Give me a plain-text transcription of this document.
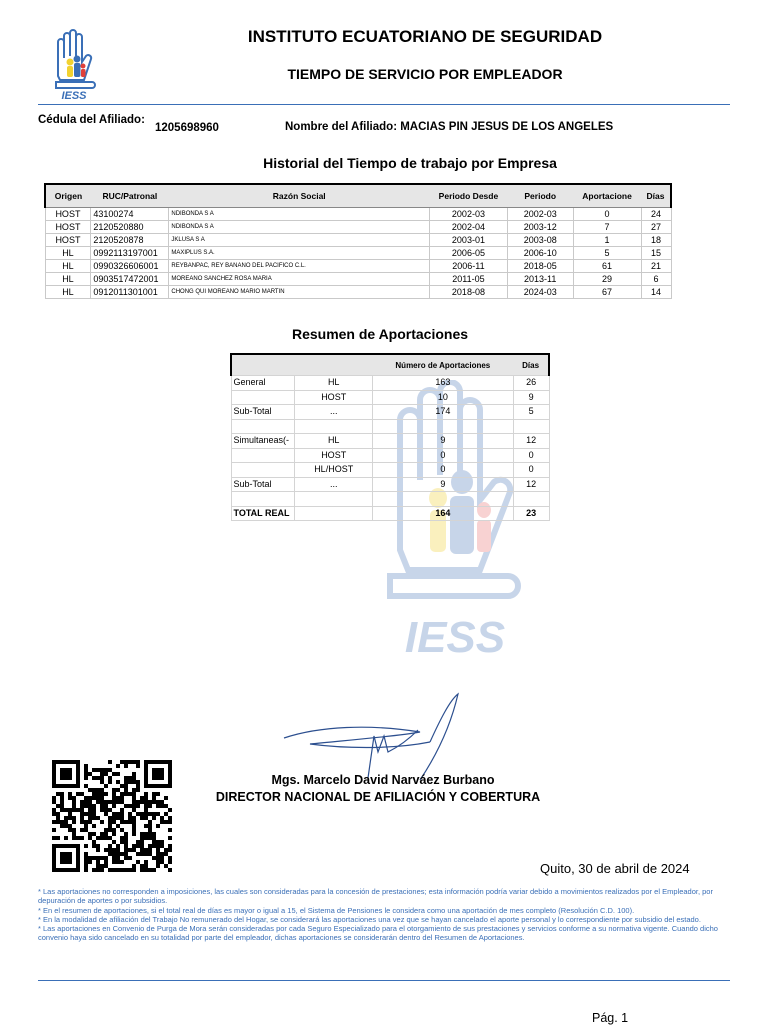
IESS
INSTITUTO ECUATORIANO DE SEGURIDAD
TIEMPO DE SERVICIO POR EMPLEADOR
Cédula del Afiliado:
1205698960	Nombre del Afiliado: MACIAS PIN JESUS DE LOS ANGELES
Historial del Tiempo de trabajo por Empresa
Origen	RUC/Patronal	Razón Social	Periodo Desde	Periodo	Aportacione	Días
HOST	43100274	NDIBONDA S A	2002-03	2002-03	0	24
HOST	2120520880	NDIBONDA S A	2002-04	2003-12	7	27
HOST	2120520878	JKLUSA S A	2003-01	2003-08	1	18
HL	0992113197001	MAXIPLUS S.A.	2006-05	2006-10	5	15
HL	0990326606001	REYBANPAC, REY BANANO DEL PACIFICO C.L.	2006-11	2018-05	61	21
HL	0903517472001	MOREANO SANCHEZ ROSA MARIA	2011-05	2013-11	29	6
HL	0912011301001	CHONG QUI MOREANO MARIO MARTIN	2018-08	2024-03	67	14
Resumen de Aportaciones
IESS
		Número de Aportaciones	Días
General	HL	163	26
	HOST	10	9
Sub-Total	...	174	5

Simultaneas(-	HL	9	12
	HOST	0	0
	HL/HOST	0	0
Sub-Total	...	9	12

TOTAL REAL		164	23
Mgs. Marcelo David Narváez Burbano
DIRECTOR NACIONAL DE AFILIACIÓN Y COBERTURA
Quito, 30 de abril de 2024

* Las aportaciones no corresponden a imposiciones, las cuales son consideradas para la concesión de prestaciones; esta información podría variar debido a movimientos realizados por el Empleador, por depuración de aportes o por subsidios.

* En el resumen de aportaciones, si el total real de días es mayor o igual a 15, el Sistema de Pensiones le considera como una aportación de mes completo (Resolución C.D. 100).

* En la modalidad de afiliación del Trabajo No remunerado del Hogar, se considerará las aportaciones una vez que se hayan cancelado el aporte personal y lo correspondiente por subsidio del estado.

* Las aportaciones en Convenio de Purga de Mora serán consideradas por cada Seguro Especializado para el otorgamiento de sus prestaciones y servicios conforme a su normativa vigente. Cuando dicho convenio haya sido cancelado en su totalidad por parte del empleador, dichas aportaciones se considerarán dentro del Resumen de Aportaciones.

Pág. 1
